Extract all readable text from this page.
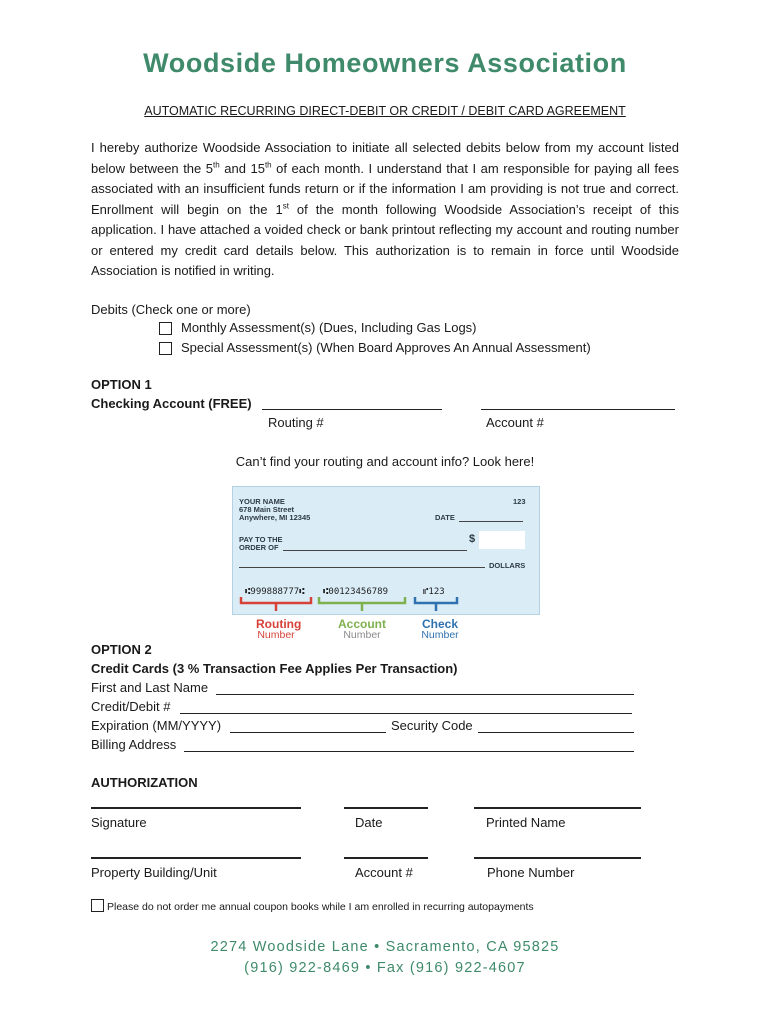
Woodside Homeowners Association
AUTOMATIC RECURRING DIRECT-DEBIT OR CREDIT / DEBIT CARD AGREEMENT
I hereby authorize Woodside Association to initiate all selected debits below from my account listed below between the 5th and 15th of each month. I understand that I am responsible for paying all fees associated with an insufficient funds return or if the information I am providing is not true and correct. Enrollment will begin on the 1st of the month following Woodside Association’s receipt of this application. I have attached a voided check or bank printout reflecting my account and routing number or entered my credit card details below. This authorization is to remain in force until Woodside Association is notified in writing.
Debits (Check one or more)
Monthly Assessment(s) (Dues, Including Gas Logs)
Special Assessment(s) (When Board Approves An Annual Assessment)
OPTION 1
Checking Account (FREE)
Routing #	Account #
Can’t find your routing and account info? Look here!
YOUR NAME
678 Main Street
Anywhere, MI 12345
123
DATE
PAY TO THE
ORDER OF
$
DOLLARS
⑆999888777⑆ ⑆00123456789	⑈123
Routing
Number
Account
Number
Check
Number
OPTION 2
Credit Cards (3 % Transaction Fee Applies Per Transaction)
First and Last Name
Credit/Debit #
Expiration (MM/YYYY)	Security Code
Billing Address
AUTHORIZATION
Signature	Date	Printed Name
Property Building/Unit	Account #	Phone Number
Please do not order me annual coupon books while I am enrolled in recurring autopayments
2274 Woodside Lane • Sacramento, CA 95825
(916) 922-8469 • Fax (916) 922-4607
